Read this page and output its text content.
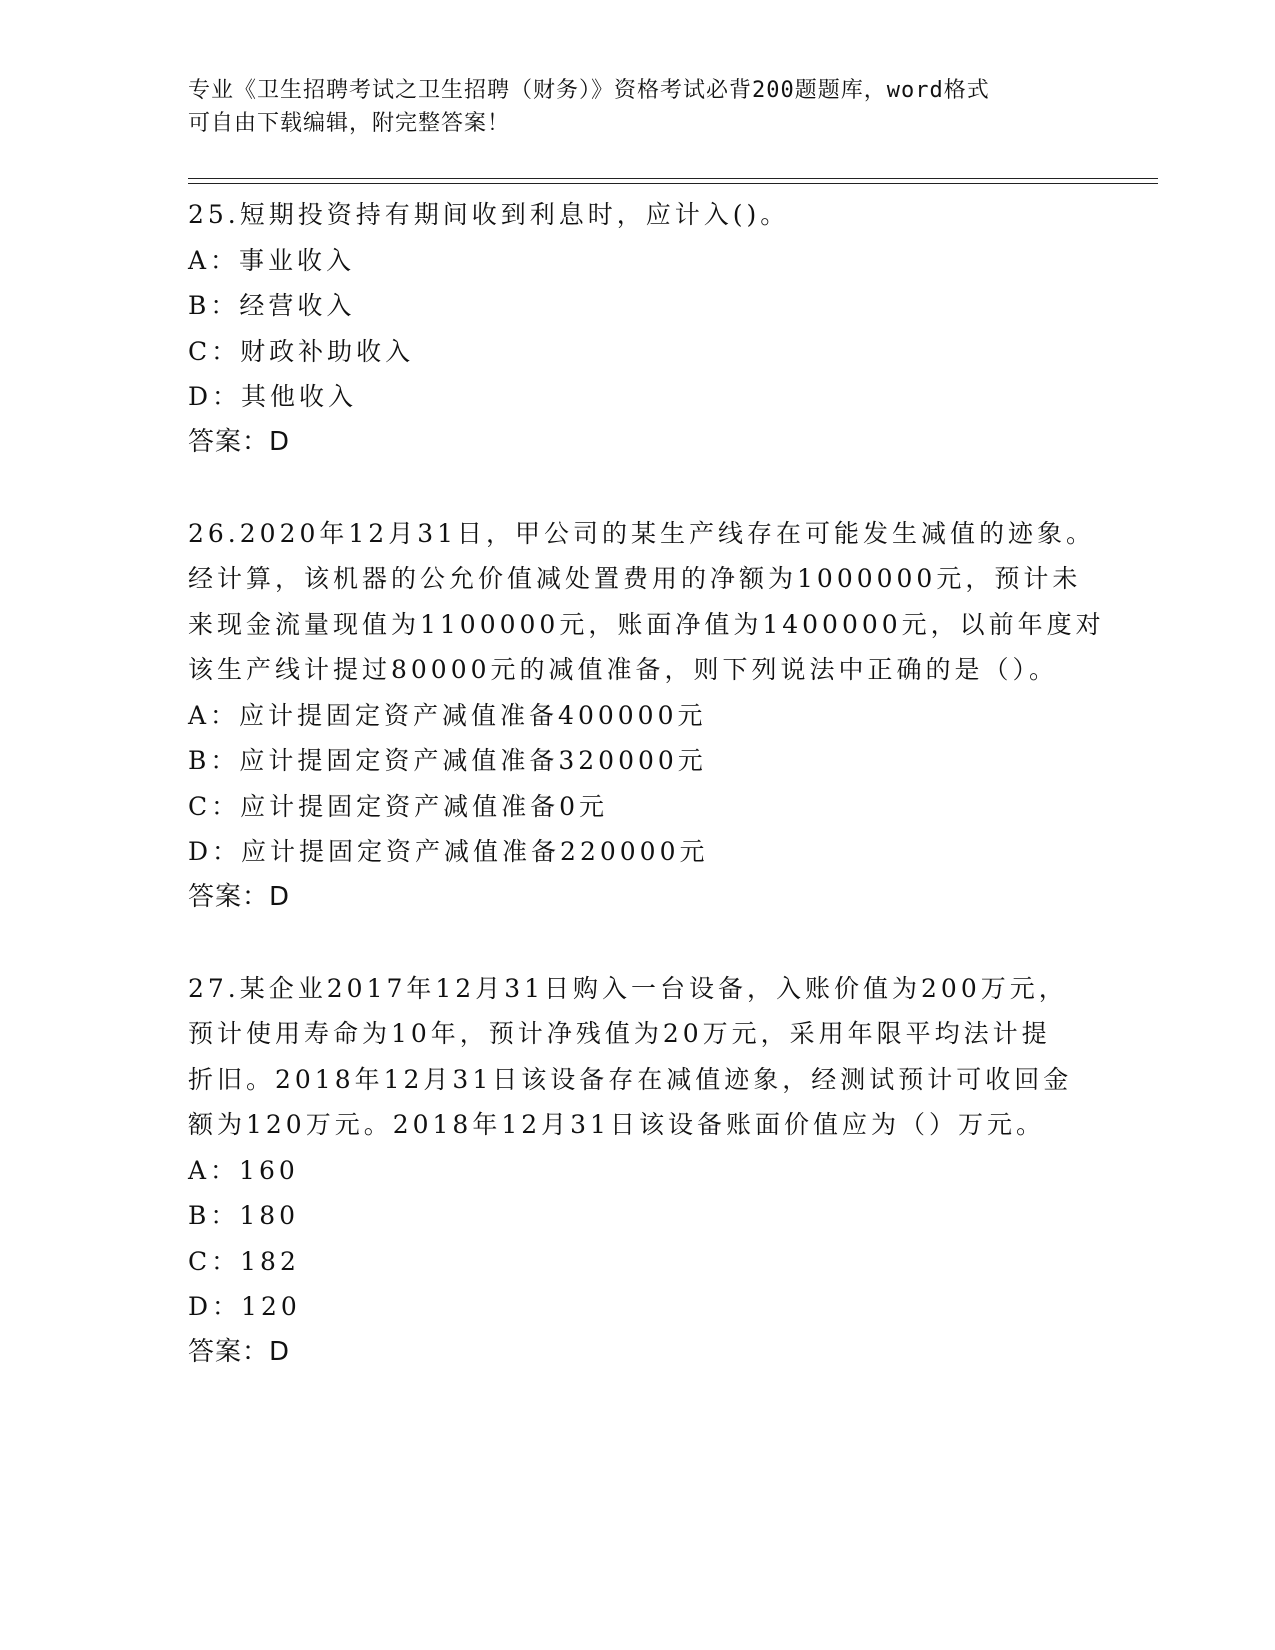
专业《卫生招聘考试之卫生招聘（财务）》资格考试必背200题题库，word格式
可自由下载编辑，附完整答案！
25.短期投资持有期间收到利息时，应计入()。
A：事业收入
B：经营收入
C：财政补助收入
D：其他收入
答案：D
26.2020年12月31日，甲公司的某生产线存在可能发生减值的迹象。
经计算，该机器的公允价值减处置费用的净额为1000000元，预计未
来现金流量现值为1100000元，账面净值为1400000元，以前年度对
该生产线计提过80000元的减值准备，则下列说法中正确的是（）。
A：应计提固定资产减值准备400000元
B：应计提固定资产减值准备320000元
C：应计提固定资产减值准备0元
D：应计提固定资产减值准备220000元
答案：D
27.某企业2017年12月31日购入一台设备，入账价值为200万元，
预计使用寿命为10年，预计净残值为20万元，采用年限平均法计提
折旧。2018年12月31日该设备存在减值迹象，经测试预计可收回金
额为120万元。2018年12月31日该设备账面价值应为（）万元。
A：160
B：180
C：182
D：120
答案：D
